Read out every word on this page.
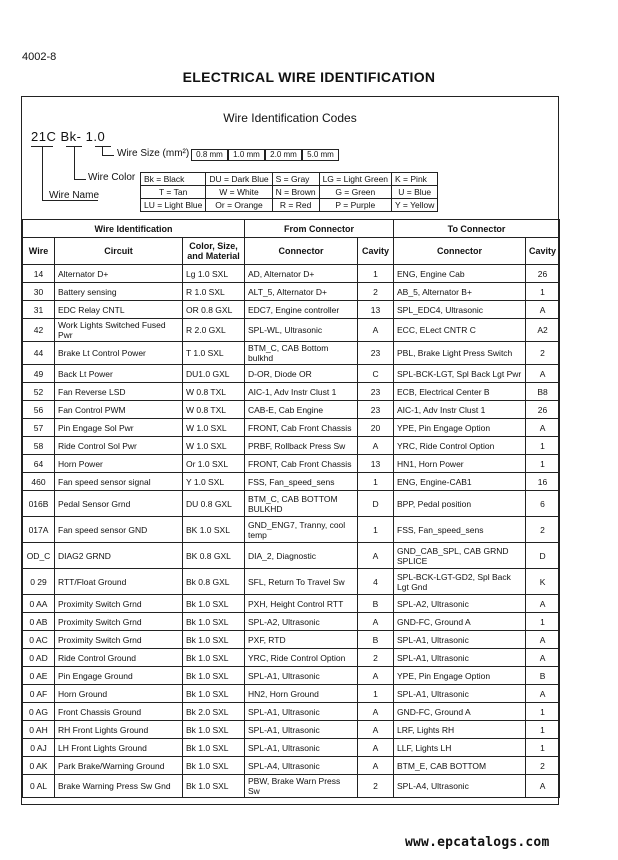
4002-8
ELECTRICAL WIRE IDENTIFICATION
Wire Identification Codes
21C Bk- 1.0
Wire Size (mm²) 0.8 mm	1.0 mm	2.0 mm	5.0 mm
Wire Color
Wire Name
Bk = Black	DU = Dark Blue	S = Gray	LG = Light Green	K = Pink
T = Tan	W = White	N = Brown	G = Green	U = Blue
LU = Light Blue	Or = Orange	R = Red	P = Purple	Y = Yellow
Wire Identification			From Connector		To Connector	
Wire	Circuit	Color, Size, and Material	Connector	Cavity	Connector	Cavity
14	Alternator D+	Lg 1.0 SXL	AD, Alternator D+	1	ENG, Engine Cab	26
30	Battery sensing	R 1.0 SXL	ALT_5, Alternator D+	2	AB_5, Alternator B+	1
31	EDC Relay CNTL	OR 0.8 GXL	EDC7, Engine controller	13	SPL_EDC4, Ultrasonic	A
42	Work Lights Switched Fused Pwr	R 2.0 GXL	SPL-WL, Ultrasonic	A	ECC, ELect CNTR C	A2
44	Brake Lt Control Power	T 1.0 SXL	BTM_C, CAB Bottom bulkhd	23	PBL, Brake Light Press Switch	2
49	Back Lt Power	DU1.0 GXL	D-OR, Diode OR	C	SPL-BCK-LGT, Spl Back Lgt Pwr	A
52	Fan Reverse LSD	W 0.8 TXL	AIC-1, Adv Instr Clust 1	23	ECB, Electrical Center B	B8
56	Fan Control PWM	W 0.8 TXL	CAB-E, Cab Engine	23	AIC-1, Adv Instr Clust 1	26
57	Pin Engage Sol Pwr	W 1.0 SXL	FRONT, Cab Front Chassis	20	YPE, Pin Engage Option	A
58	Ride Control Sol Pwr	W 1.0 SXL	PRBF, Rollback Press Sw	A	YRC, Ride Control Option	1
64	Horn Power	Or 1.0 SXL	FRONT, Cab Front Chassis	13	HN1, Horn Power	1
460	Fan speed sensor signal	Y 1.0 SXL	FSS, Fan_speed_sens	1	ENG, Engine-CAB1	16
016B	Pedal Sensor Grnd	DU 0.8 GXL	BTM_C, CAB BOTTOM BULKHD	D	BPP, Pedal position	6
017A	Fan speed sensor GND	BK 1.0 SXL	GND_ENG7, Tranny, cool temp	1	FSS, Fan_speed_sens	2
OD_C	DIAG2 GRND	BK 0.8 GXL	DIA_2, Diagnostic	A	GND_CAB_SPL, CAB GRND SPLICE	D
0 29	RTT/Float Ground	Bk 0.8 GXL	SFL, Return To Travel Sw	4	SPL-BCK-LGT-GD2, Spl Back Lgt Gnd	K
0 AA	Proximity Switch Grnd	Bk 1.0 SXL	PXH, Height Control RTT	B	SPL-A2, Ultrasonic	A
0 AB	Proximity Switch Grnd	Bk 1.0 SXL	SPL-A2, Ultrasonic	A	GND-FC, Ground A	1
0 AC	Proximity Switch Grnd	Bk 1.0 SXL	PXF, RTD	B	SPL-A1, Ultrasonic	A
0 AD	Ride Control Ground	Bk 1.0 SXL	YRC, Ride Control Option	2	SPL-A1, Ultrasonic	A
0 AE	Pin Engage Ground	Bk 1.0 SXL	SPL-A1, Ultrasonic	A	YPE, Pin Engage Option	B
0 AF	Horn Ground	Bk 1.0 SXL	HN2, Horn Ground	1	SPL-A1, Ultrasonic	A
0 AG	Front Chassis Ground	Bk 2.0 SXL	SPL-A1, Ultrasonic	A	GND-FC, Ground A	1
0 AH	RH Front Lights Ground	Bk 1.0 SXL	SPL-A1, Ultrasonic	A	LRF, Lights RH	1
0 AJ	LH Front Lights Ground	Bk 1.0 SXL	SPL-A1, Ultrasonic	A	LLF, Lights LH	1
0 AK	Park Brake/Warning Ground	Bk 1.0 SXL	SPL-A4, Ultrasonic	A	BTM_E, CAB BOTTOM	2
0 AL	Brake Warning Press Sw Gnd	Bk 1.0 SXL	PBW, Brake Warn Press Sw	2	SPL-A4, Ultrasonic	A
www.epcatalogs.com
